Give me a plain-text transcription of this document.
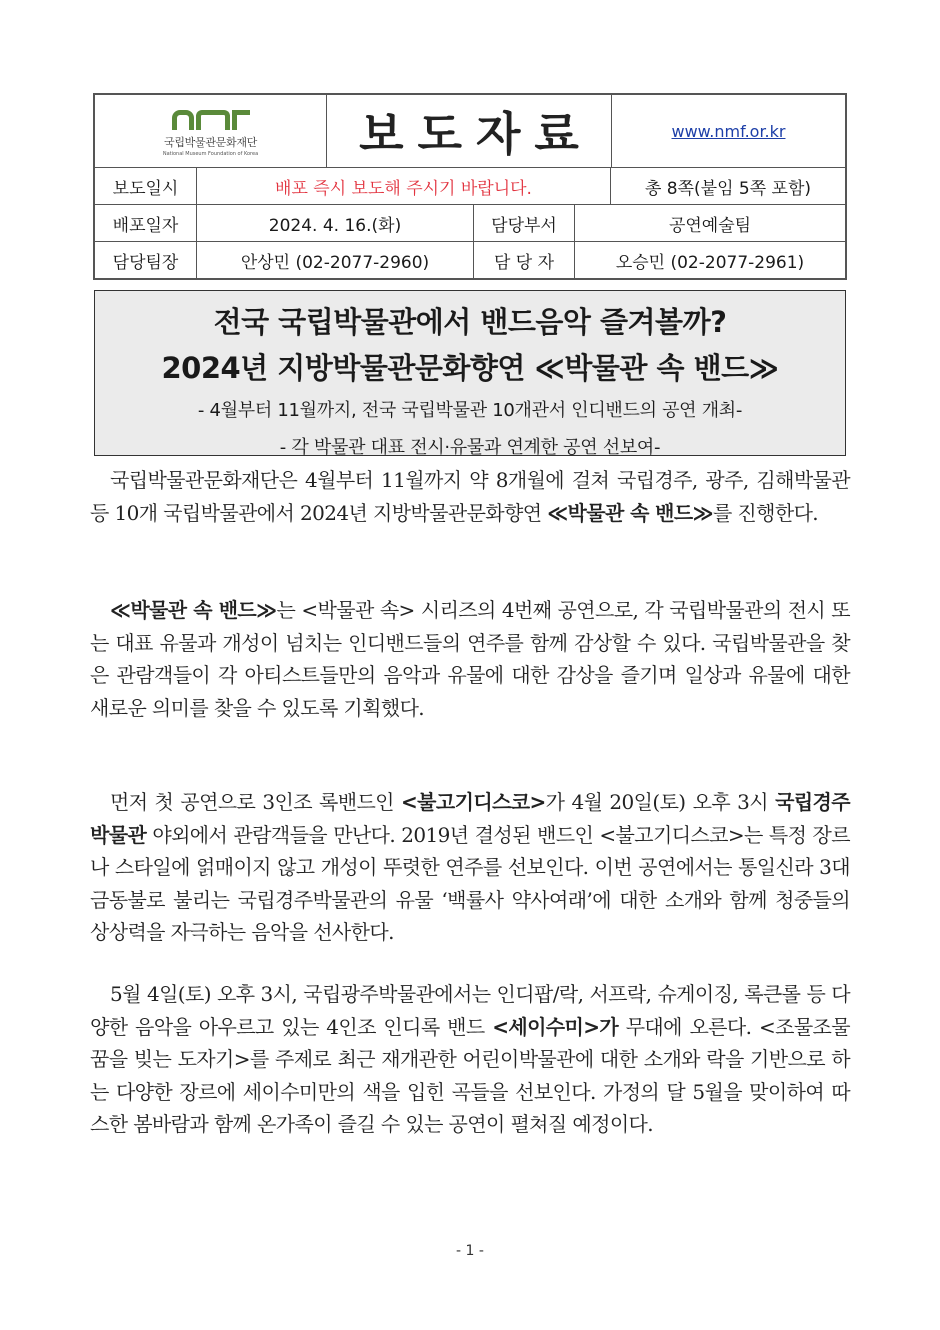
국립박물관문화재단
National Museum Foundation of Korea	보도자료	www.nmf.or.kr
보도일시	배포 즉시 보도해 주시기 바랍니다.	총 8쪽(붙임 5쪽 포함)
배포일자	2024. 4. 16.(화)	담당부서	공연예술팀
담당팀장	안상민 (02-2077-2960)	담 당 자	오승민 (02-2077-2961)
전국 국립박물관에서 밴드음악 즐겨볼까?
2024년 지방박물관문화향연 ≪박물관 속 밴드≫
- 4월부터 11월까지, 전국 국립박물관 10개관서 인디밴드의 공연 개최-
- 각 박물관 대표 전시·유물과 연계한 공연 선보여-

국립박물관문화재단은 4월부터 11월까지 약 8개월에 걸쳐 국립경주, 광주, 김해박물관 등 10개 국립박물관에서 2024년 지방박물관문화향연 ≪박물관 속 밴드≫를 진행한다.

≪박물관 속 밴드≫는 <박물관 속> 시리즈의 4번째 공연으로, 각 국립박물관의 전시 또는 대표 유물과 개성이 넘치는 인디밴드들의 연주를 함께 감상할 수 있다. 국립박물관을 찾은 관람객들이 각 아티스트들만의 음악과 유물에 대한 감상을 즐기며 일상과 유물에 대한 새로운 의미를 찾을 수 있도록 기획했다.

먼저 첫 공연으로 3인조 록밴드인 <불고기디스코>가 4월 20일(토) 오후 3시 국립경주박물관 야외에서 관람객들을 만난다. 2019년 결성된 밴드인 <불고기디스코>는 특정 장르나 스타일에 얽매이지 않고 개성이 뚜렷한 연주를 선보인다. 이번 공연에서는 통일신라 3대 금동불로 불리는 국립경주박물관의 유물 ‘백률사 약사여래’에 대한 소개와 함께 청중들의 상상력을 자극하는 음악을 선사한다.

5월 4일(토) 오후 3시, 국립광주박물관에서는 인디팝/락, 서프락, 슈게이징, 록큰롤 등 다양한 음악을 아우르고 있는 4인조 인디록 밴드 <세이수미>가 무대에 오른다. <조물조물 꿈을 빚는 도자기>를 주제로 최근 재개관한 어린이박물관에 대한 소개와 락을 기반으로 하는 다양한 장르에 세이수미만의 색을 입힌 곡들을 선보인다. 가정의 달 5월을 맞이하여 따스한 봄바람과 함께 온가족이 즐길 수 있는 공연이 펼쳐질 예정이다.

- 1 -
